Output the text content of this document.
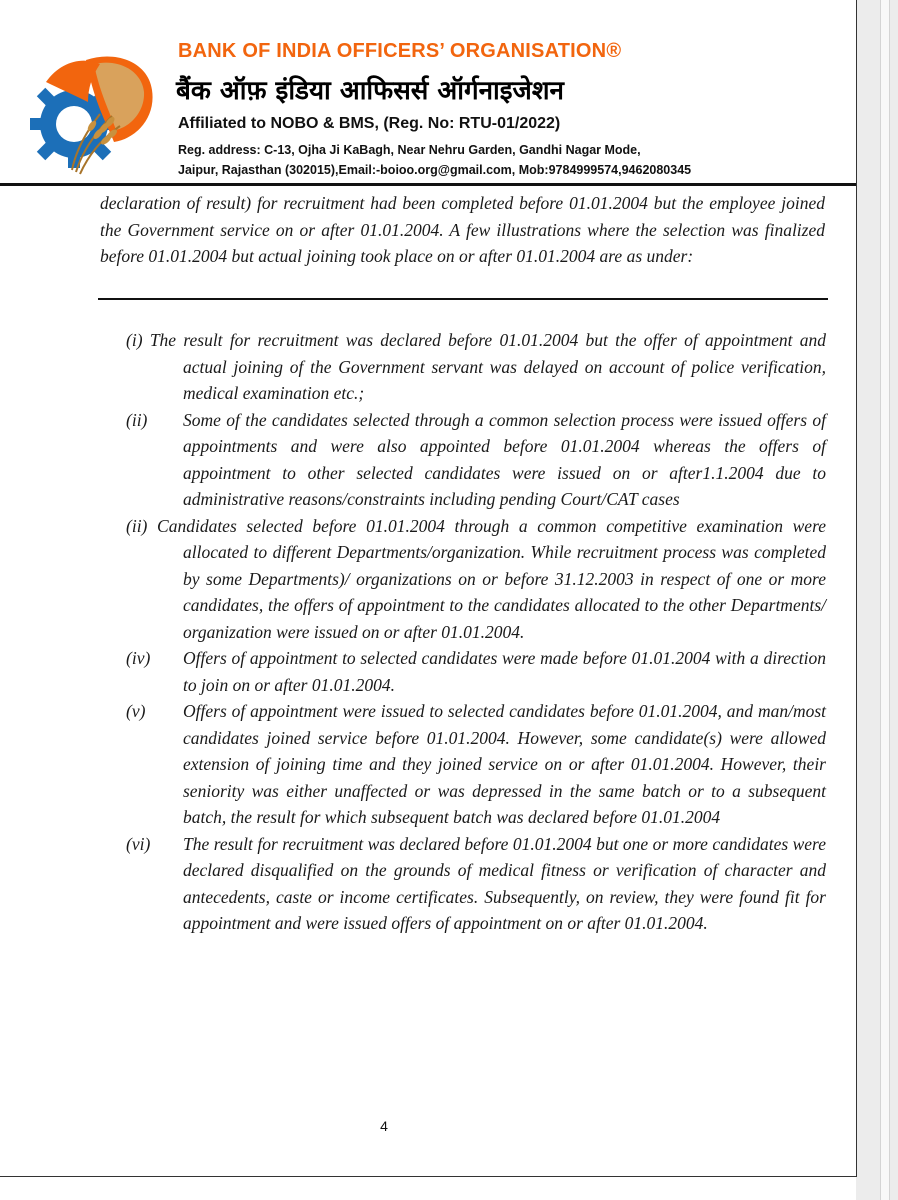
BANK OF INDIA OFFICERS’ ORGANISATION®
बैंक ऑफ़ इंडिया आफिसर्स ऑर्गनाइजेशन
Affiliated to NOBO & BMS, (Reg. No: RTU-01/2022)
Reg. address: C-13, Ojha Ji KaBagh, Near Nehru Garden, Gandhi Nagar Mode,
Jaipur, Rajasthan (302015),Email:-boioo.org@gmail.com, Mob:9784999574,9462080345
declaration of result) for recruitment had been completed before 01.01.2004 but the employee joined the Government service on or after 01.01.2004. A few illustrations where the selection was finalized before 01.01.2004 but actual joining took place on or after 01.01.2004 are as under:
(i) The result for recruitment was declared before 01.01.2004 but the offer of appointment and actual joining of the Government servant was delayed on account of police verification, medical examination etc.;
(ii) Some of the candidates selected through a common selection process were issued offers of appointments and were also appointed before 01.01.2004 whereas the offers of appointment to other selected candidates were issued on or after1.1.2004 due to administrative reasons/constraints including pending Court/CAT cases
(ii) Candidates selected before 01.01.2004 through a common competitive examination were allocated to different Departments/organization. While recruitment process was completed by some Departments)/ organizations on or before 31.12.2003 in respect of one or more candidates, the offers of appointment to the candidates allocated to the other Departments/ organization were issued on or after 01.01.2004.
(iv) Offers of appointment to selected candidates were made before 01.01.2004 with a direction to join on or after 01.01.2004.
(v) Offers of appointment were issued to selected candidates before 01.01.2004, and man/most candidates joined service before 01.01.2004. However, some candidate(s) were allowed extension of joining time and they joined service on or after 01.01.2004. However, their seniority was either unaffected or was depressed in the same batch or to a subsequent batch, the result for which subsequent batch was declared before 01.01.2004
(vi) The result for recruitment was declared before 01.01.2004 but one or more candidates were declared disqualified on the grounds of medical fitness or verification of character and antecedents, caste or income certificates. Subsequently, on review, they were found fit for appointment and were issued offers of appointment on or after 01.01.2004.
4
